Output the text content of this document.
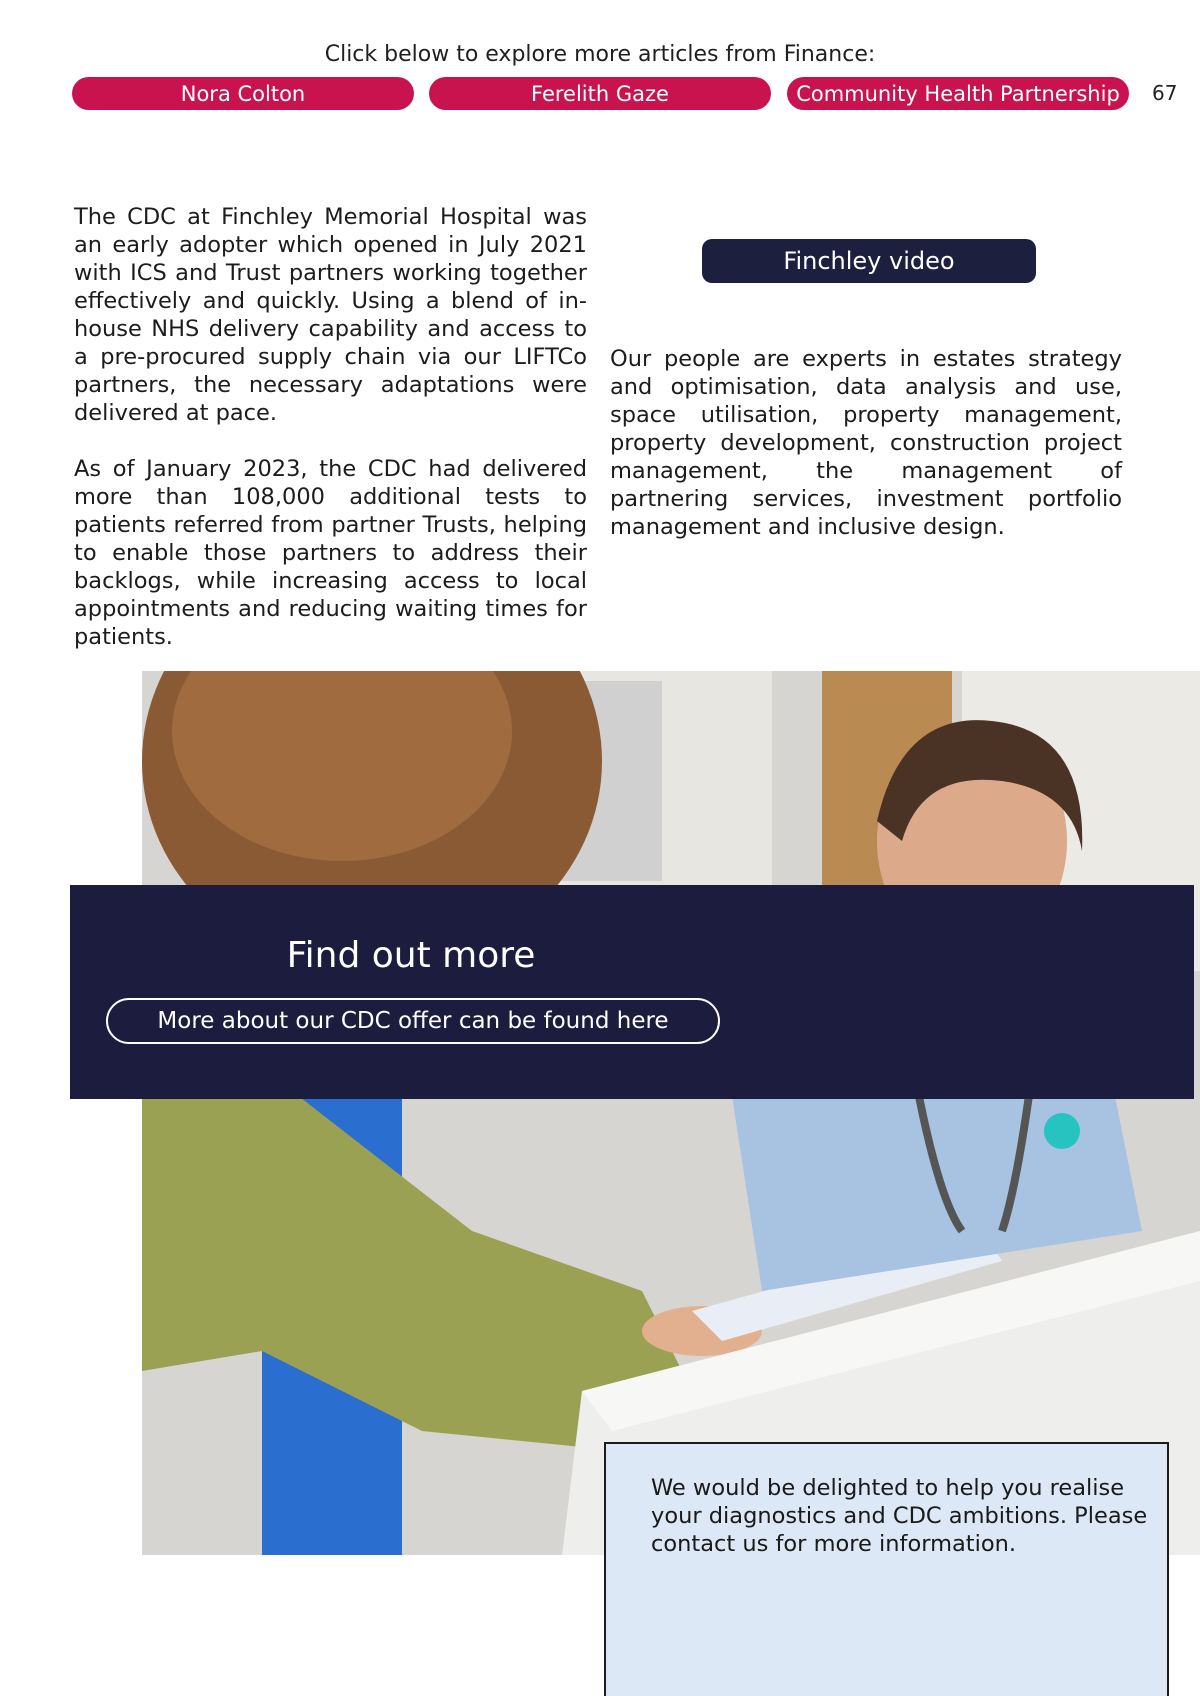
Click below to explore more articles from Finance:
Nora Colton	Ferelith Gaze	Community Health Partnership	67

The CDC at Finchley Memorial Hospital was an early adopter which opened in July 2021 with ICS and Trust partners working together effectively and quickly. Using a blend of in-house NHS delivery capability and access to a pre-procured supply chain via our LIFTCo partners, the necessary adaptations were delivered at pace.

As of January 2023, the CDC had delivered more than 108,000 additional tests to patients referred from partner Trusts, helping to enable those partners to address their backlogs, while increasing access to local appointments and reducing waiting times for patients.

Finchley video

Our people are experts in estates strategy and optimisation, data analysis and use, space utilisation, property management, property development, construction project management, the management of partnering services, investment portfolio management and inclusive design.

Find out more
More about our CDC offer can be found here
We would be delighted to help you realise your diagnostics and CDC ambitions. Please contact us for more information.
